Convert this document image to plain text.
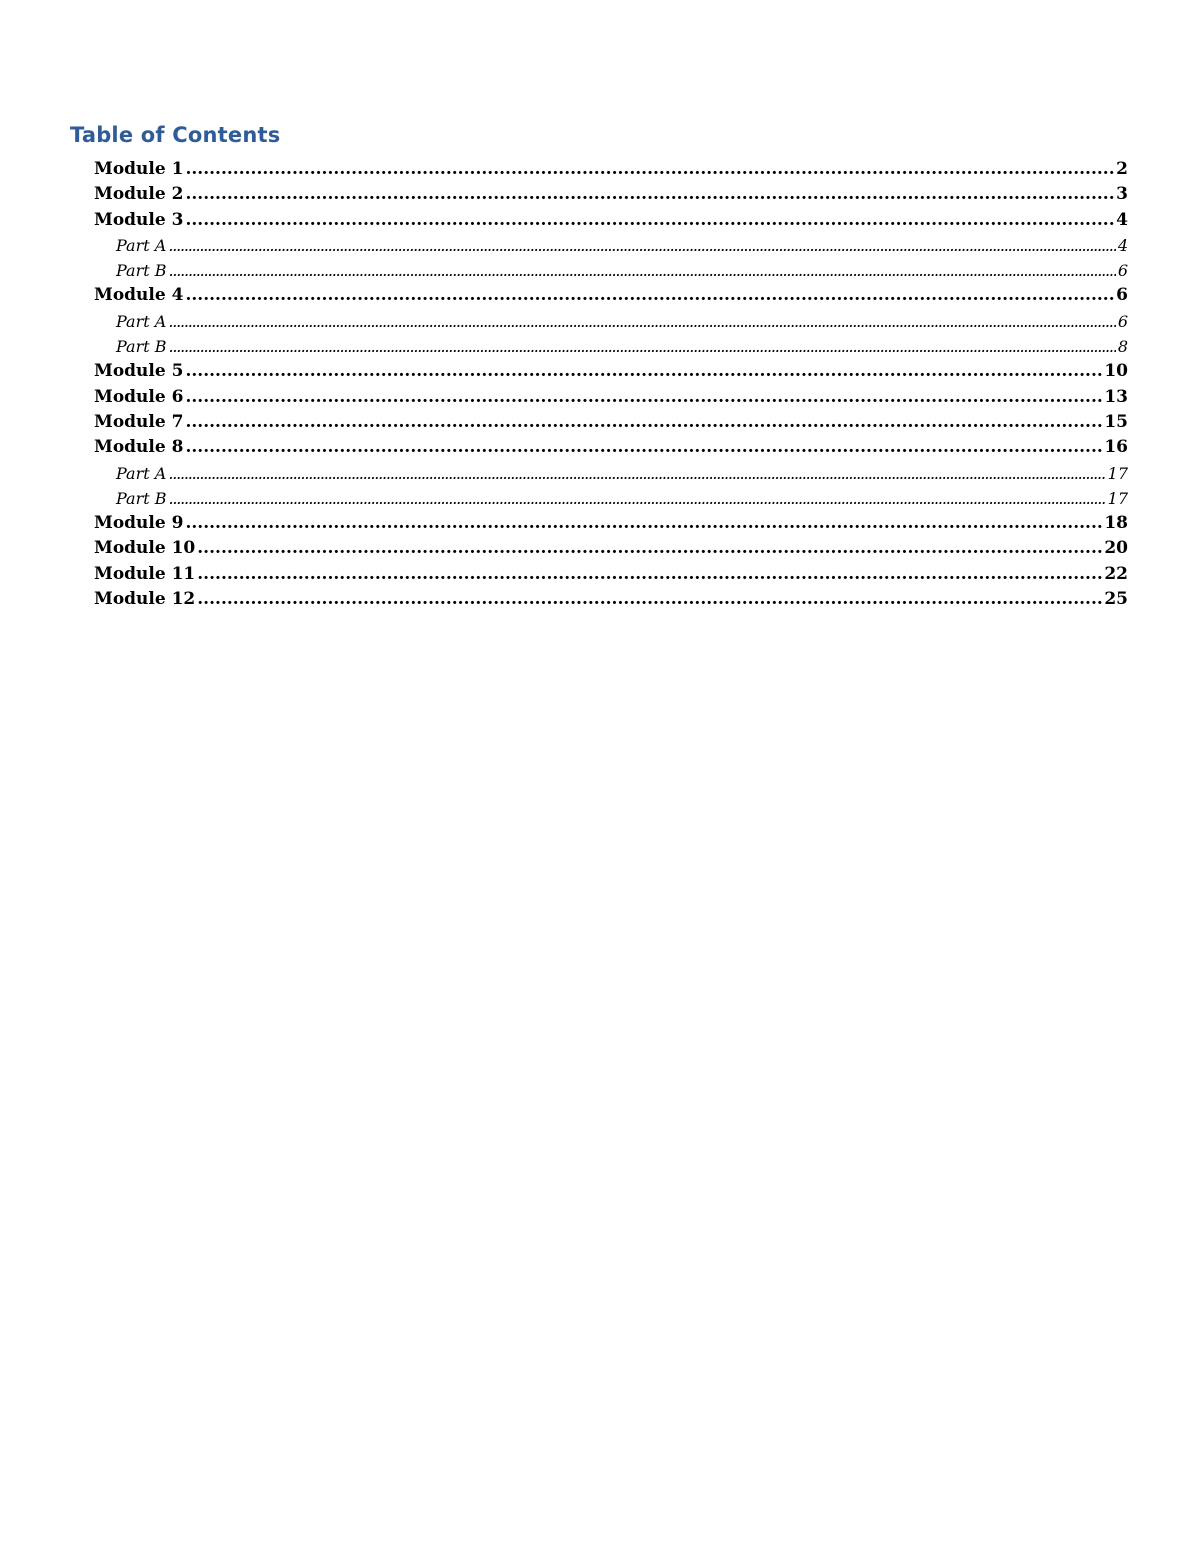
Table of Contents
Module 1 .....	2
Module 2 .....	3
Module 3 .....	4
Part A .....	4
Part B .....	6
Module 4 .....	6
Part A .....	6
Part B .....	8
Module 5 .....	10
Module 6 .....	13
Module 7 .....	15
Module 8 .....	16
Part A .....	17
Part B .....	17
Module 9 .....	18
Module 10 .....	20
Module 11 .....	22
Module 12 .....	25
